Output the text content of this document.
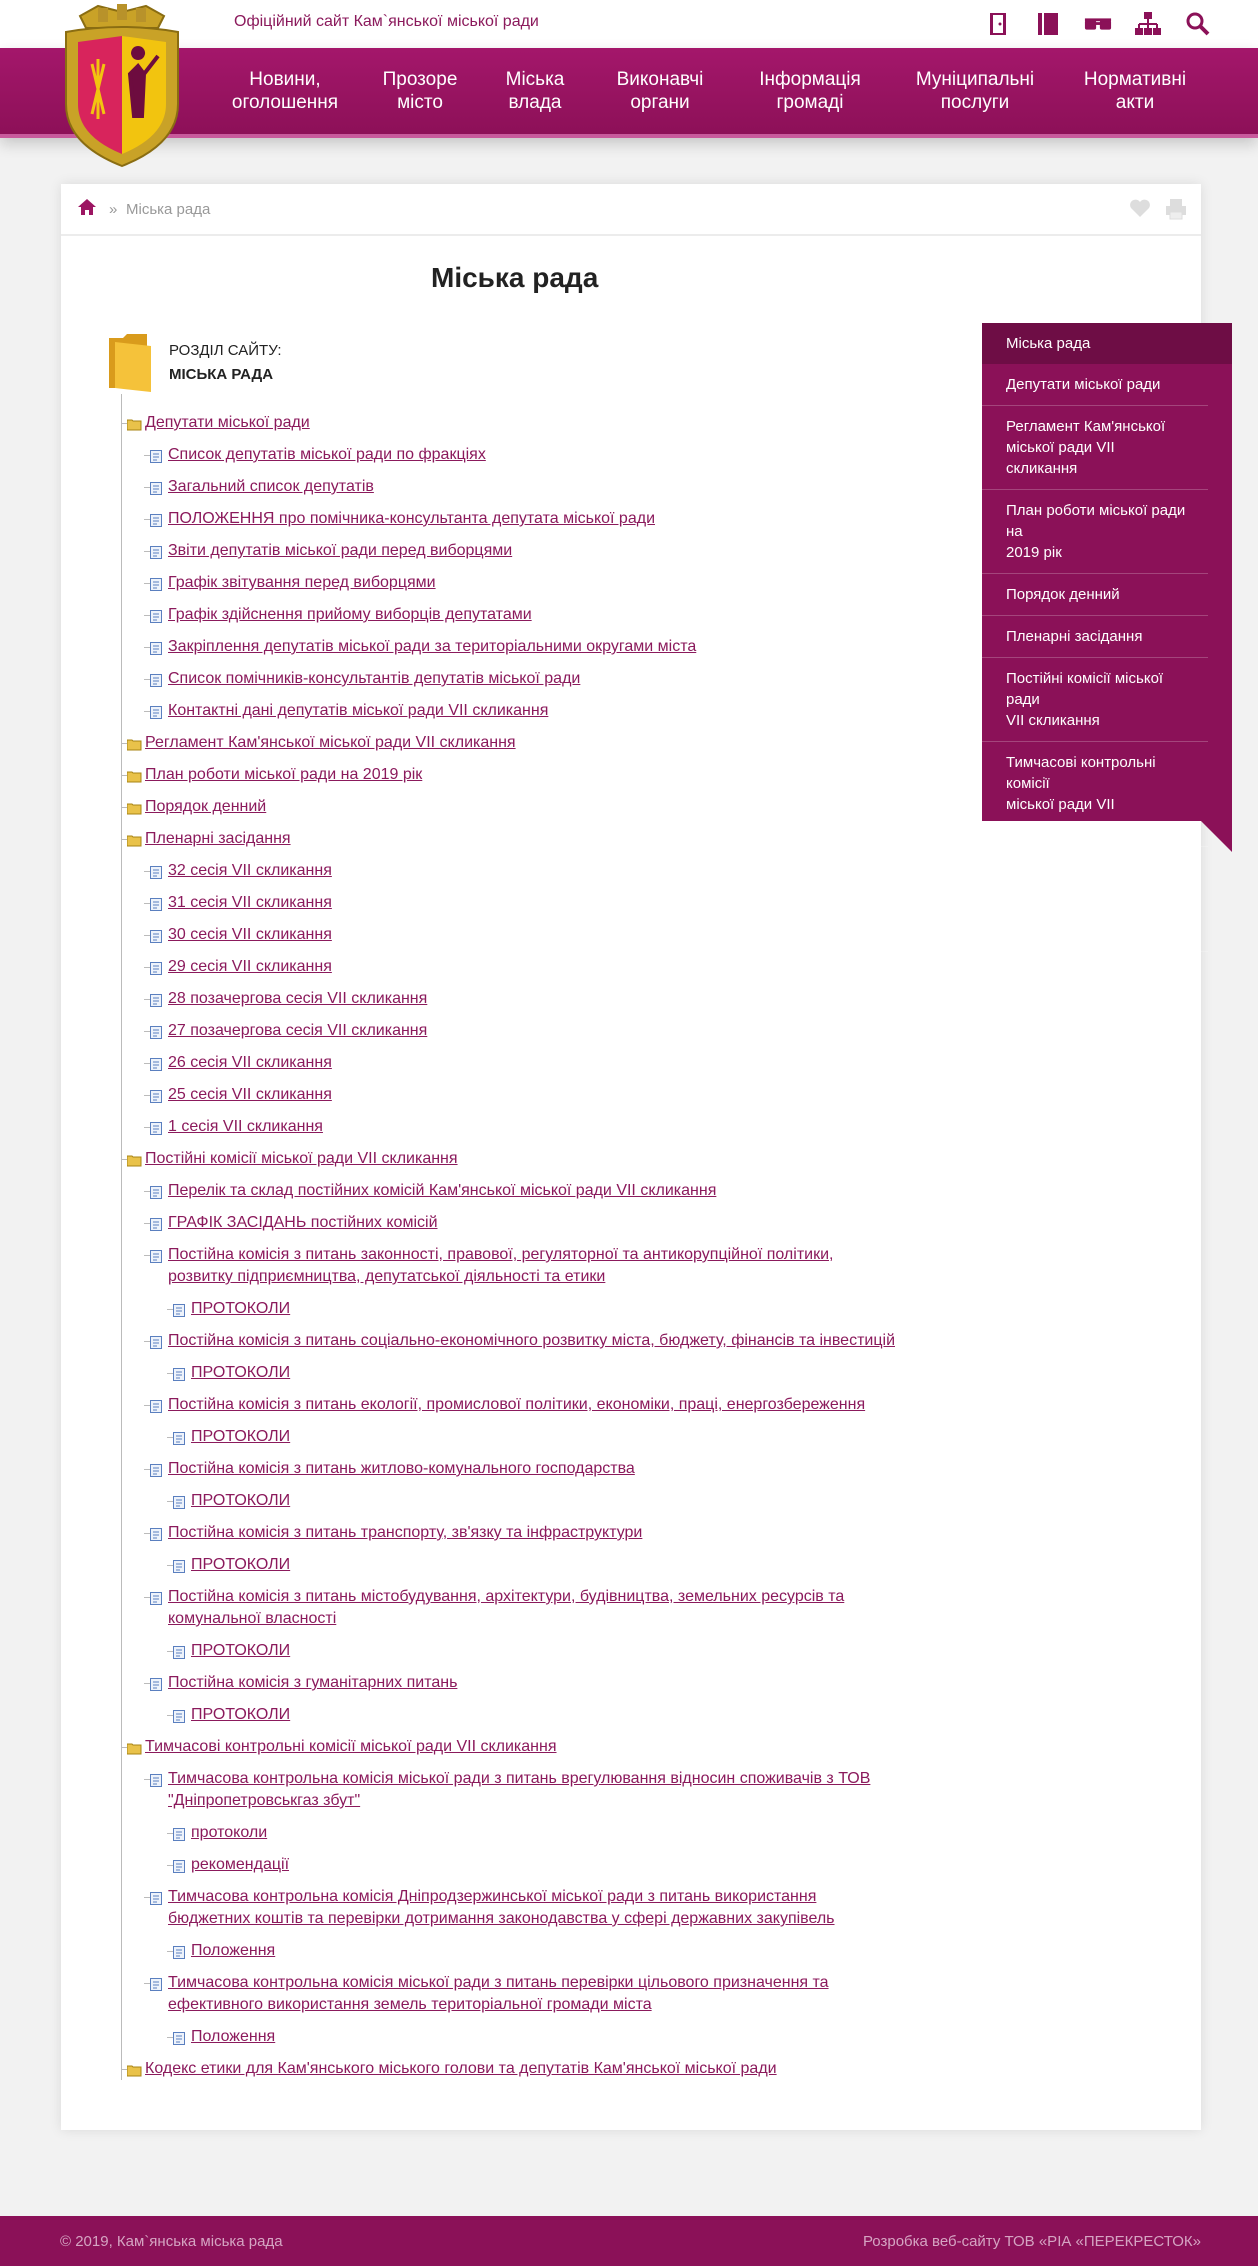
Офіційний сайт Кам`янської міської ради
Новини,
оголошення
Прозоре
місто
Міська
влада
Виконавчі
органи
Інформація
громаді
Муніципальні
послуги
Нормативні
акти
» Міська рада
Міська рада
РОЗДІЛ САЙТУ:
МІСЬКА РАДА
Депутати міської ради
Список депутатів міської ради по фракціях
Загальний список депутатів
ПОЛОЖЕННЯ про помічника-консультанта депутата міської ради
Звіти депутатів міської ради перед виборцями
Графік звітування перед виборцями
Графік здійснення прийому виборців депутатами
Закріплення депутатів міської ради за територіальними округами міста
Список помічників-консультантів депутатів міської ради
Контактні дані депутатів міської ради VII скликання
Регламент Кам'янської міської ради VII скликання
План роботи міської ради на 2019 рік
Порядок денний
Пленарні засідання
32 сесія VII скликання
31 сесія VII скликання
30 сесія VII скликання
29 сесія VII скликання
28 позачергова сесія VII скликання
27 позачергова сесія VII скликання
26 сесія VII скликання
25 сесія VII скликання
1 сесія VII скликання
Постійні комісії міської ради VII скликання
Перелік та склад постійних комісій Кам'янської міської ради VII скликання
ГРАФІК ЗАСІДАНЬ постійних комісій
Постійна комісія з питань законності, правової, регуляторної та антикорупційної політики,
розвитку підприємництва, депутатської діяльності та етики
ПРОТОКОЛИ
Постійна комісія з питань соціально-економічного розвитку міста, бюджету, фінансів та інвестицій
ПРОТОКОЛИ
Постійна комісія з питань екології, промислової політики, економіки, праці, енергозбереження
ПРОТОКОЛИ
Постійна комісія з питань житлово-комунального господарства
ПРОТОКОЛИ
Постійна комісія з питань транспорту, зв'язку та інфраструктури
ПРОТОКОЛИ
Постійна комісія з питань містобудування, архітектури, будівництва, земельних ресурсів та
комунальної власності
ПРОТОКОЛИ
Постійна комісія з гуманітарних питань
ПРОТОКОЛИ
Тимчасові контрольні комісії міської ради VII скликання
Тимчасова контрольна комісія міської ради з питань врегулювання відносин споживачів з ТОВ
"Дніпропетровськгаз збут"
протоколи
рекомендації
Тимчасова контрольна комісія Дніпродзержинської міської ради з питань використання
бюджетних коштів та перевірки дотримання законодавства у сфері державних закупівель
Положення
Тимчасова контрольна комісія міської ради з питань перевірки цільового призначення та
ефективного використання земель територіальної громади міста
Положення
Кодекс етики для Кам'янського міського голови та депутатів Кам'янської міської ради
Міська рада
Депутати міської ради
Регламент Кам'янської
міської ради VII скликання
План роботи міської ради на
2019 рік
Порядок денний
Пленарні засідання
Постійні комісії міської ради
VII скликання
Тимчасові контрольні комісії
міської ради VII скликання
Кодекс етики для
Кам'янського міського
голови та депутатів
Кам'янської міської ради
© 2019, Кам`янська міська рада	Розробка веб-сайту ТОВ «РІА «ПЕРЕКРЕСТОК»
